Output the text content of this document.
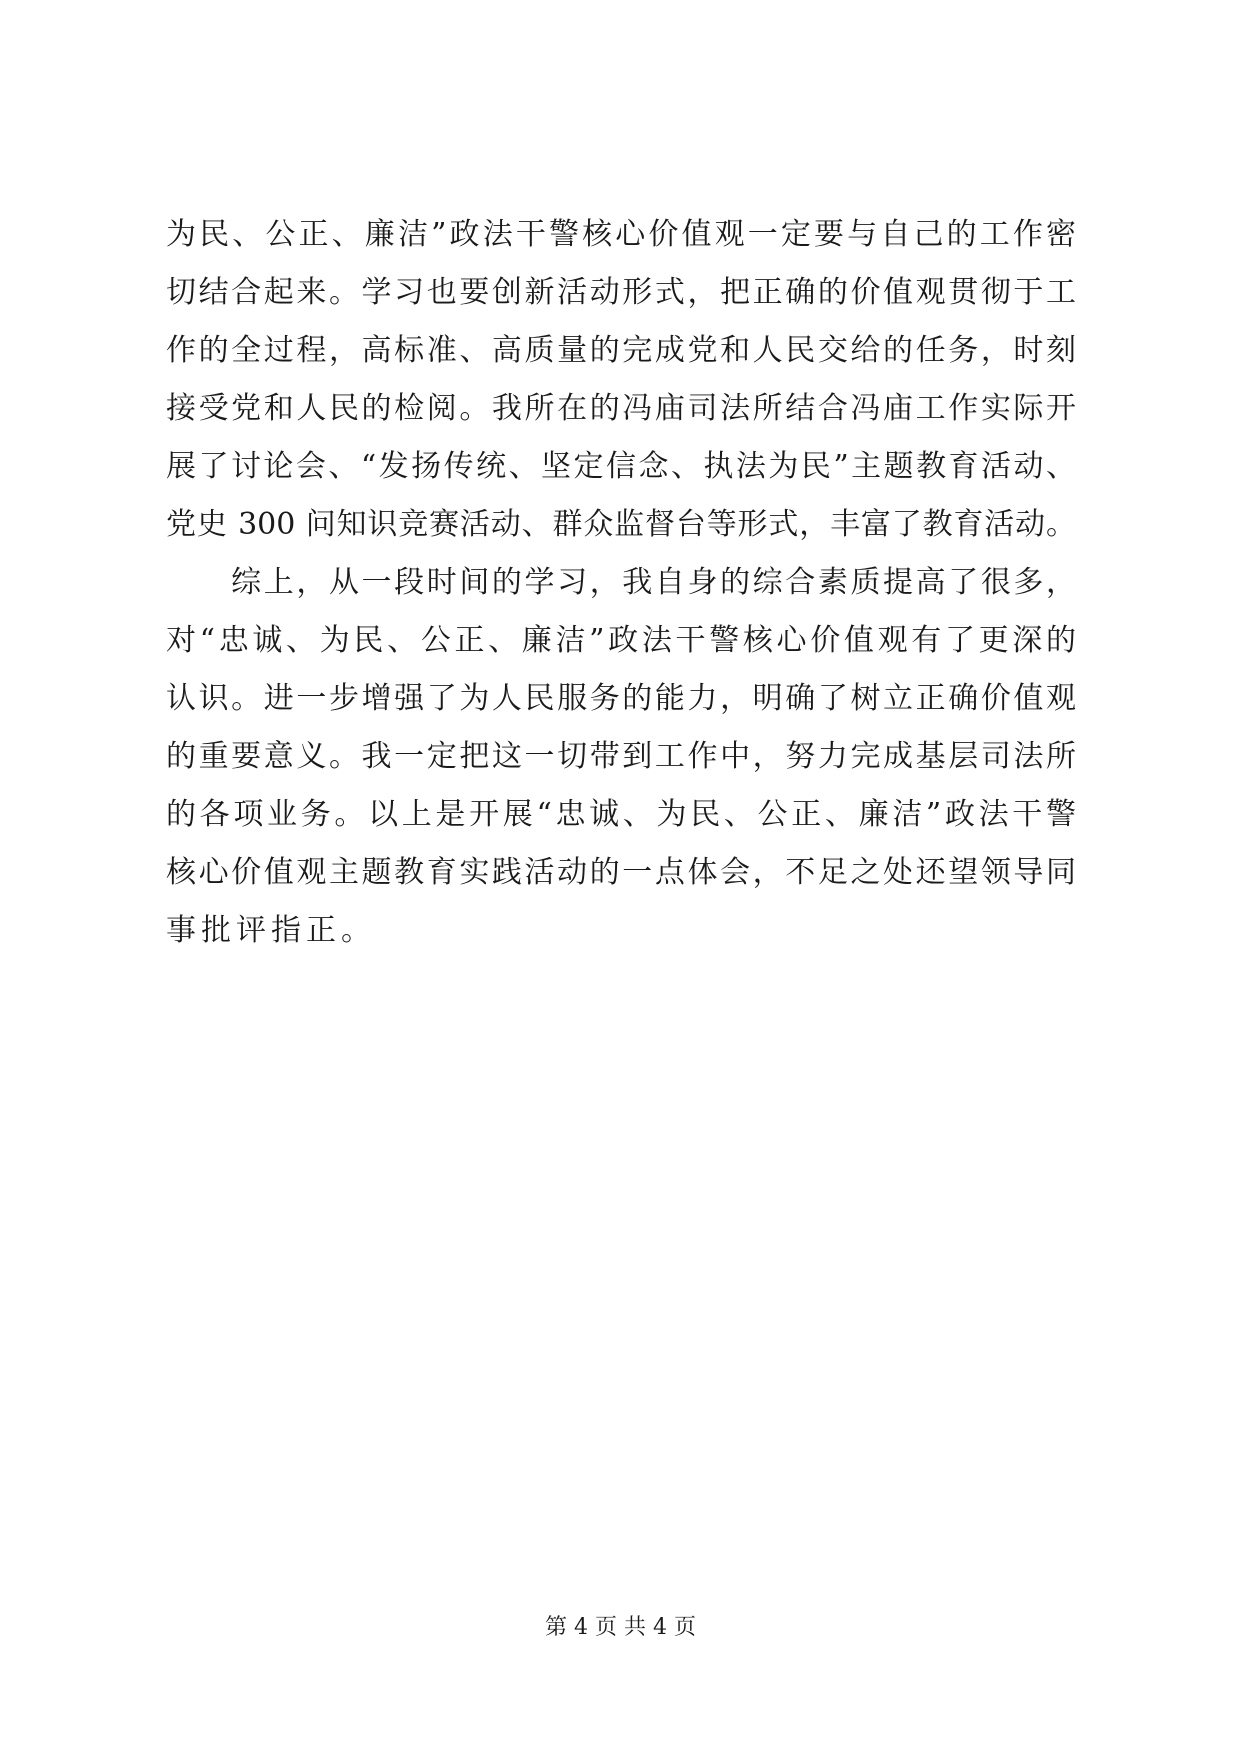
为民、公正、廉洁”政法干警核心价值观一定要与自己的工作密
切结合起来。学习也要创新活动形式，把正确的价值观贯彻于工
作的全过程，高标准、高质量的完成党和人民交给的任务，时刻
接受党和人民的检阅。我所在的冯庙司法所结合冯庙工作实际开
展了讨论会、“发扬传统、坚定信念、执法为民”主题教育活动、
党史 300 问知识竞赛活动、群众监督台等形式，丰富了教育活动。
　　综上，从一段时间的学习，我自身的综合素质提高了很多，
对“忠诚、为民、公正、廉洁”政法干警核心价值观有了更深的
认识。进一步增强了为人民服务的能力，明确了树立正确价值观
的重要意义。我一定把这一切带到工作中，努力完成基层司法所
的各项业务。以上是开展“忠诚、为民、公正、廉洁”政法干警
核心价值观主题教育实践活动的一点体会，不足之处还望领导同
事批评指正。
第 4 页 共 4 页
